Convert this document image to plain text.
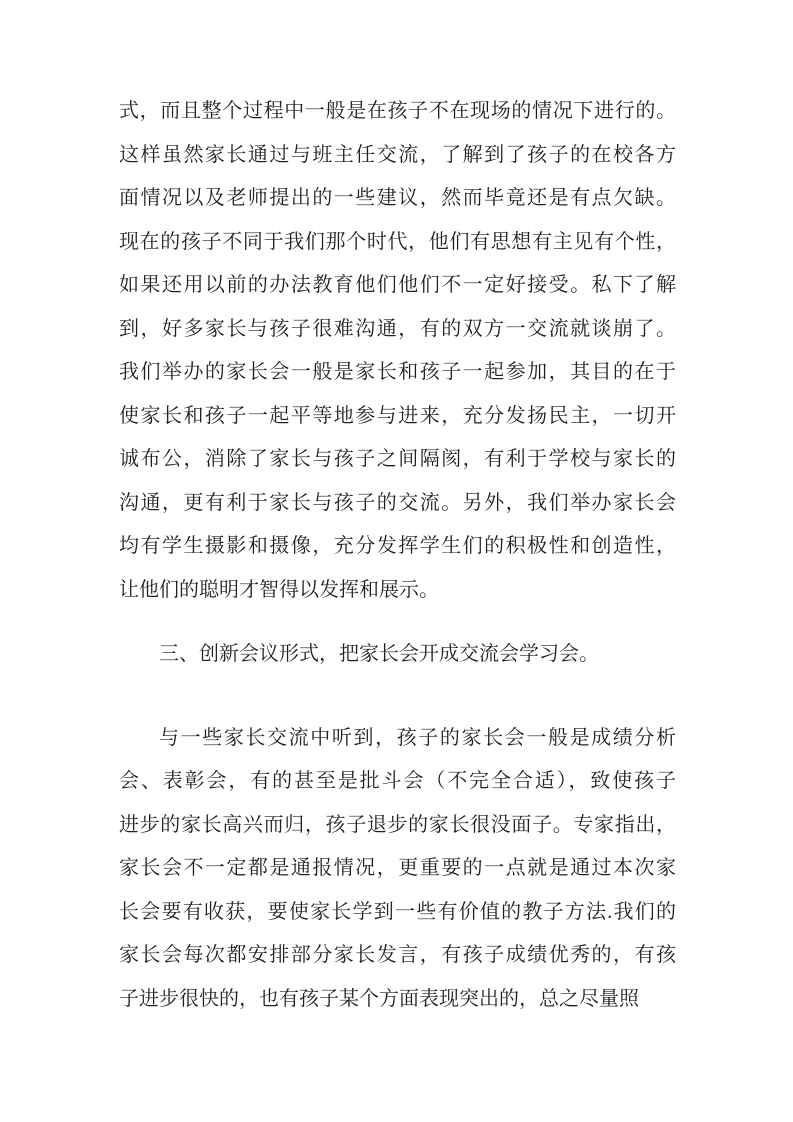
式，而且整个过程中一般是在孩子不在现场的情况下进行的。
这样虽然家长通过与班主任交流，了解到了孩子的在校各方
面情况以及老师提出的一些建议，然而毕竟还是有点欠缺。
现在的孩子不同于我们那个时代，他们有思想有主见有个性，
如果还用以前的办法教育他们他们不一定好接受。私下了解
到，好多家长与孩子很难沟通，有的双方一交流就谈崩了。
我们举办的家长会一般是家长和孩子一起参加，其目的在于
使家长和孩子一起平等地参与进来，充分发扬民主，一切开
诚布公，消除了家长与孩子之间隔阂，有利于学校与家长的
沟通，更有利于家长与孩子的交流。另外，我们举办家长会
均有学生摄影和摄像，充分发挥学生们的积极性和创造性，
让他们的聪明才智得以发挥和展示。
三、创新会议形式，把家长会开成交流会学习会。
与一些家长交流中听到，孩子的家长会一般是成绩分析
会、表彰会，有的甚至是批斗会（不完全合适），致使孩子
进步的家长高兴而归，孩子退步的家长很没面子。专家指出，
家长会不一定都是通报情况，更重要的一点就是通过本次家
长会要有收获，要使家长学到一些有价值的教子方法.我们的
家长会每次都安排部分家长发言，有孩子成绩优秀的，有孩
子进步很快的，也有孩子某个方面表现突出的，总之尽量照
